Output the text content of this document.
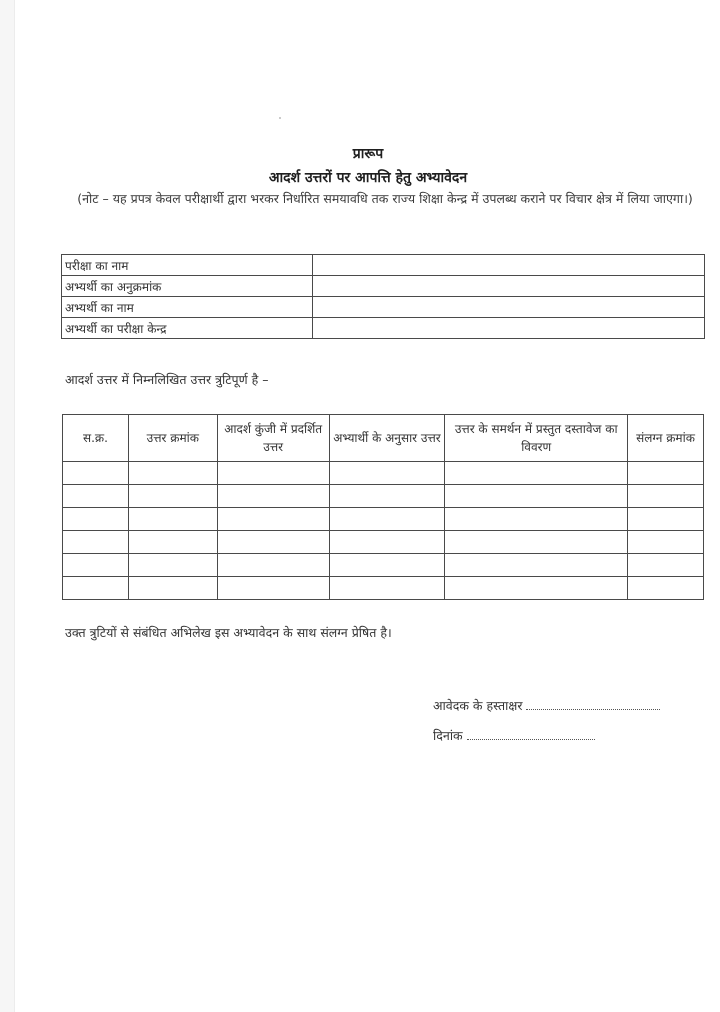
प्रारूप
आदर्श उत्तरों पर आपत्ति हेतु अभ्यावेदन
(नोट – यह प्रपत्र केवल परीक्षार्थी द्वारा भरकर निर्धारित समयावधि तक राज्य शिक्षा केन्द्र में उपलब्ध कराने पर विचार क्षेत्र में लिया जाएगा।)
परीक्षा का नाम	
अभ्यर्थी का अनुक्रमांक	
अभ्यर्थी का नाम	
अभ्यर्थी का परीक्षा केन्द्र	
आदर्श उत्तर में निम्नलिखित उत्तर त्रुटिपूर्ण है –
स.क्र.	उत्तर क्रमांक	आदर्श कुंजी में प्रदर्शित उत्तर	अभ्यार्थी के अनुसार उत्तर	उत्तर के समर्थन में प्रस्तुत दस्तावेज का विवरण	संलग्न क्रमांक

उक्त त्रुटियों से संबंधित अभिलेख इस अभ्यावेदन के साथ संलग्न प्रेषित है।
आवेदक के हस्ताक्षर
दिनांक
